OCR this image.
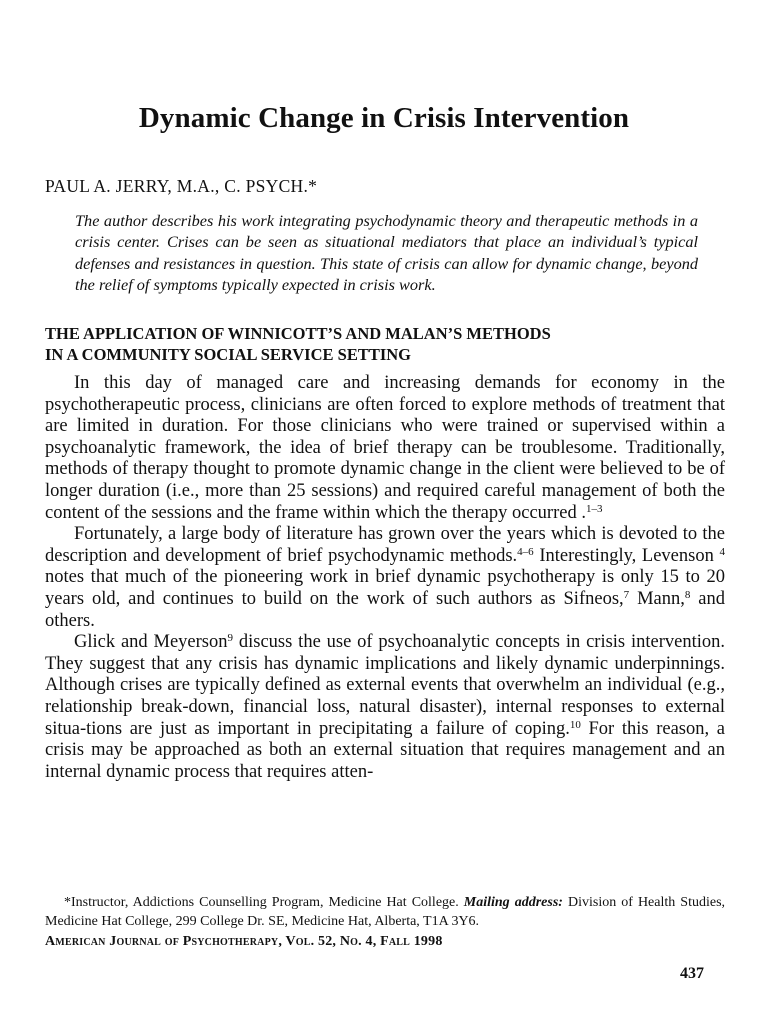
Dynamic Change in Crisis Intervention
PAUL A. JERRY, M.A., C. PSYCH.*

The author describes his work integrating psychodynamic theory and therapeutic methods in a crisis center. Crises can be seen as situational mediators that place an individual’s typical defenses and resistances in question. This state of crisis can allow for dynamic change, beyond the relief of symptoms typically expected in crisis work.

THE APPLICATION OF WINNICOTT’S AND MALAN’S METHODS
IN A COMMUNITY SOCIAL SERVICE SETTING

In this day of managed care and increasing demands for economy in the psychotherapeutic process, clinicians are often forced to explore methods of treatment that are limited in duration. For those clinicians who were trained or supervised within a psychoanalytic framework, the idea of brief therapy can be troublesome. Traditionally, methods of therapy thought to promote dynamic change in the client were believed to be of longer duration (i.e., more than 25 sessions) and required careful management of both the content of the sessions and the frame within which the therapy occurred .$^{1-3}$

Fortunately, a large body of literature has grown over the years which is devoted to the description and development of brief psychodynamic methods.$^{4-6}$ Interestingly, Levenson $^4$ notes that much of the pioneering work in brief dynamic psychotherapy is only 15 to 20 years old, and continues to build on the work of such authors as Sifneos,$^7$ Mann,$^8$ and others.

Glick and Meyerson$^9$ discuss the use of psychoanalytic concepts in crisis intervention. They suggest that any crisis has dynamic implications and likely dynamic underpinnings. Although crises are typically defined as external events that overwhelm an individual (e.g., relationship break-down, financial loss, natural disaster), internal responses to external situa-tions are just as important in precipitating a failure of coping.$^{10}$ For this reason, a crisis may be approached as both an external situation that requires management and an internal dynamic process that requires atten-

*Instructor, Addictions Counselling Program, Medicine Hat College. Mailing address: Division of Health Studies, Medicine Hat College, 299 College Dr. SE, Medicine Hat, Alberta, T1A 3Y6.

American Journal of Psychotherapy, Vol. 52, No. 4, Fall 1998
437
